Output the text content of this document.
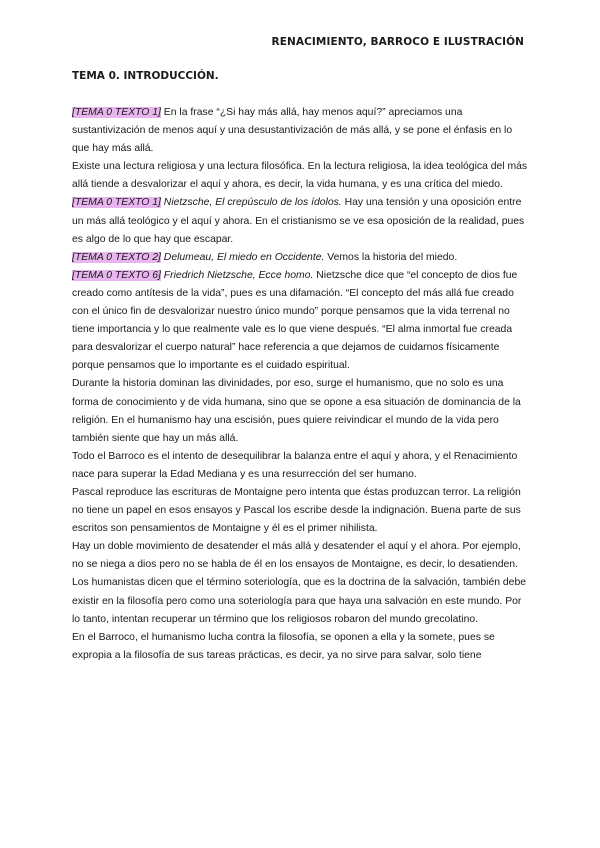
RENACIMIENTO, BARROCO E ILUSTRACIÓN
TEMA 0. INTRODUCCIÓN.

[TEMA 0 TEXTO 1] En la frase “¿Si hay más allá, hay menos aquí?” apreciamos una sustantivización de menos aquí y una desustantivización de más allá, y se pone el énfasis en lo que hay más allá.

Existe una lectura religiosa y una lectura filosófica. En la lectura religiosa, la idea teológica del más allá tiende a desvalorizar el aquí y ahora, es decir, la vida humana, y es una crítica del miedo.

[TEMA 0 TEXTO 1] Nietzsche, El crepúsculo de los ídolos. Hay una tensión y una oposición entre un más allá teológico y el aquí y ahora. En el cristianismo se ve esa oposición de la realidad, pues es algo de lo que hay que escapar.

[TEMA 0 TEXTO 2] Delumeau, El miedo en Occidente. Vemos la historia del miedo.

[TEMA 0 TEXTO 6] Friedrich Nietzsche, Ecce homo. Nietzsche dice que “el concepto de dios fue creado como antítesis de la vida”, pues es una difamación. “El concepto del más allá fue creado con el único fin de desvalorizar nuestro único mundo” porque pensamos que la vida terrenal no tiene importancia y lo que realmente vale es lo que viene después. “El alma inmortal fue creada para desvalorizar el cuerpo natural” hace referencia a que dejamos de cuidarnos físicamente porque pensamos que lo importante es el cuidado espiritual.

Durante la historia dominan las divinidades, por eso, surge el humanismo, que no solo es una forma de conocimiento y de vida humana, sino que se opone a esa situación de dominancia de la religión. En el humanismo hay una escisión, pues quiere reivindicar el mundo de la vida pero también siente que hay un más allá.

Todo el Barroco es el intento de desequilibrar la balanza entre el aquí y ahora, y el Renacimiento nace para superar la Edad Mediana y es una resurrección del ser humano.

Pascal reproduce las escrituras de Montaigne pero intenta que éstas produzcan terror. La religión no tiene un papel en esos ensayos y Pascal los escribe desde la indignación. Buena parte de sus escritos son pensamientos de Montaigne y él es el primer nihilista.

Hay un doble movimiento de desatender el más allá y desatender el aquí y el ahora. Por ejemplo, no se niega a dios pero no se habla de él en los ensayos de Montaigne, es decir, lo desatienden.

Los humanistas dicen que el término soteriología, que es la doctrina de la salvación, también debe existir en la filosofía pero como una soteriología para que haya una salvación en este mundo. Por lo tanto, intentan recuperar un término que los religiosos robaron del mundo grecolatino.

En el Barroco, el humanismo lucha contra la filosofía, se oponen a ella y la somete, pues se expropia a la filosofía de sus tareas prácticas, es decir, ya no sirve para salvar, solo tiene
